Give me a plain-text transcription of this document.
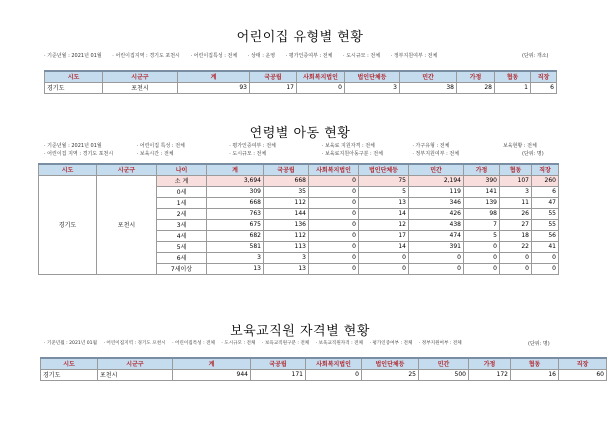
어린이집 유형별 현황
· 기준년월 : 2021년 01월 · 어린이집지역 : 경기도 포천시 · 어린이집특성 : 전체 · 상태 : 운영 · 평가인증여부 : 전체 · 도시규모 : 전체 · 정부지원여부 : 전체	(단위: 개소)
시도	시군구	계	국공립	사회복지법인	법인단체등	민간	가정	협동	직장
경기도	포천시	93	17	0	3	38	28	1	6
연령별 아동 현황
· 기준년월 : 2021년 01월	· 어린이집 특성 : 전체	· 평가인증여부 : 전체	· 보육료 지원자격 : 전체	· 가구유형 : 전체	보육현황 : 전체
· 어린이집 지역 : 경기도 포천시	· 보육시간 : 전체	· 도시규모 : 전체	· 보육료지원아동구분 : 전체	· 정부지원여부 : 전체	(단위: 명)
시도	시군구	나이	계	국공립	사회복지법인	법인단체등	민간	가정	협동	직장
경기도	포천시	소 계	3,694	668	0	75	2,194	390	107	260
		0세	309	35	0	5	119	141	3	6
		1세	668	112	0	13	346	139	11	47
		2세	763	144	0	14	426	98	26	55
		3세	675	136	0	12	438	7	27	55
		4세	682	112	0	17	474	5	18	56
		5세	581	113	0	14	391	0	22	41
		6세	3	3	0	0	0	0	0	0
		7세이상	13	13	0	0	0	0	0	0
보육교직원 자격별 현황
· 기준년월 : 2021년 01월 · 어린이집지역 : 경기도 포천시 · 어린이집특성 : 전체 · 도시규모 : 전체 · 보육교직원구분 : 전체 · 보육교직원자격 : 전체 · 평가인증여부 : 전체 · 정부지원여부 : 전체	(단위: 명)
시도	시군구	계	국공립	사회복지법인	법인단체등	민간	가정	협동	직장
경기도	포천시	944	171	0	25	500	172	16	60
